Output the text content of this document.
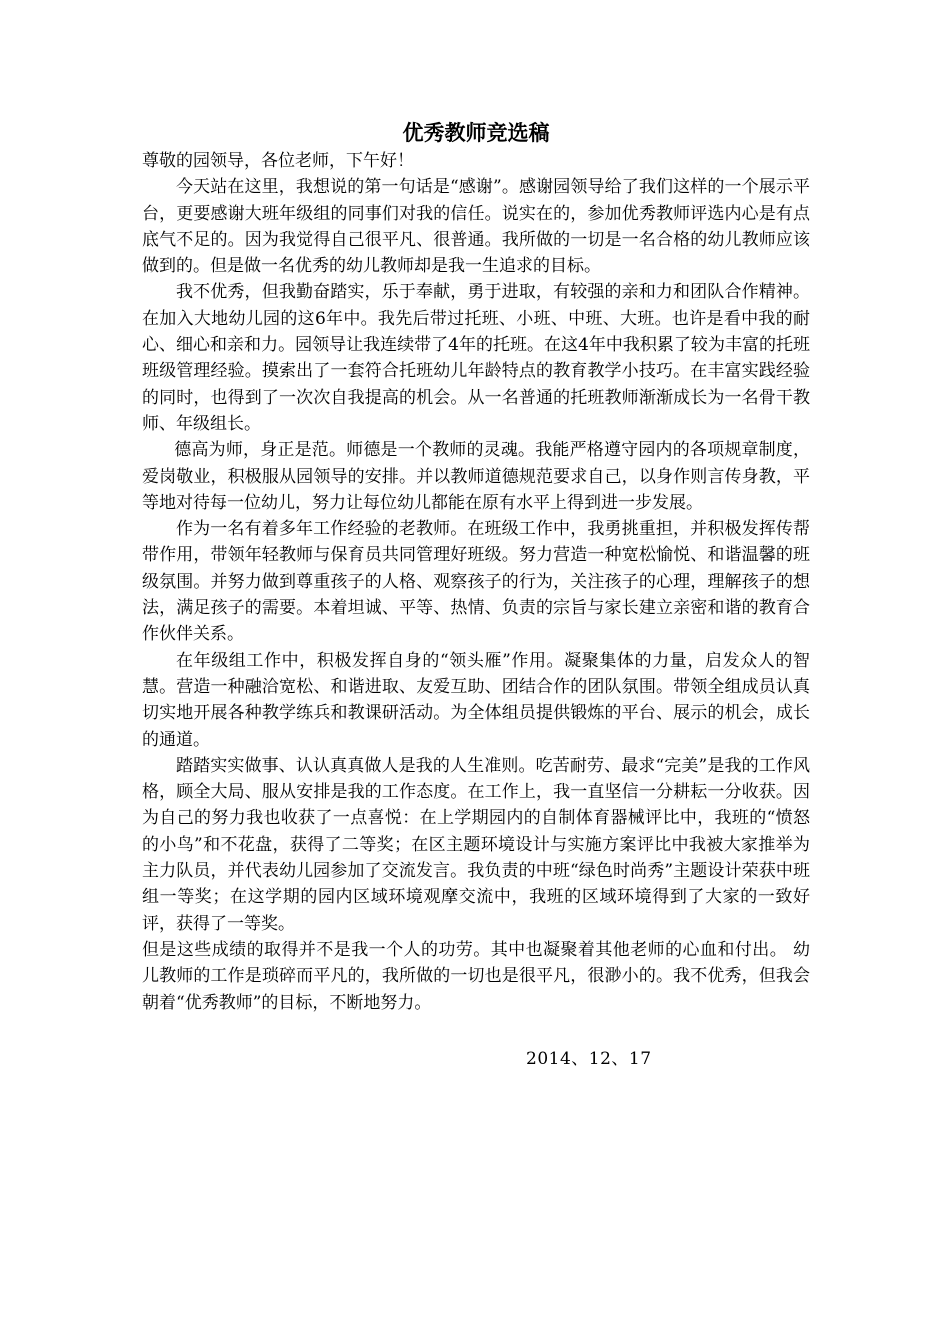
优秀教师竞选稿

尊敬的园领导，各位老师，下午好！

今天站在这里，我想说的第一句话是“感谢”。感谢园领导给了我们这样的一个展示平台，更要感谢大班年级组的同事们对我的信任。说实在的，参加优秀教师评选内心是有点底气不足的。因为我觉得自己很平凡、很普通。我所做的一切是一名合格的幼儿教师应该做到的。但是做一名优秀的幼儿教师却是我一生追求的目标。

我不优秀，但我勤奋踏实，乐于奉献，勇于进取，有较强的亲和力和团队合作精神。在加入大地幼儿园的这6年中。我先后带过托班、小班、中班、大班。也许是看中我的耐心、细心和亲和力。园领导让我连续带了4年的托班。在这4年中我积累了较为丰富的托班班级管理经验。摸索出了一套符合托班幼儿年龄特点的教育教学小技巧。在丰富实践经验的同时，也得到了一次次自我提高的机会。从一名普通的托班教师渐渐成长为一名骨干教师、年级组长。

德高为师，身正是范。师德是一个教师的灵魂。我能严格遵守园内的各项规章制度，爱岗敬业，积极服从园领导的安排。并以教师道德规范要求自己，以身作则言传身教，平等地对待每一位幼儿，努力让每位幼儿都能在原有水平上得到进一步发展。

作为一名有着多年工作经验的老教师。在班级工作中，我勇挑重担，并积极发挥传帮带作用，带领年轻教师与保育员共同管理好班级。努力营造一种宽松愉悦、和谐温馨的班级氛围。并努力做到尊重孩子的人格、观察孩子的行为，关注孩子的心理，理解孩子的想法，满足孩子的需要。本着坦诚、平等、热情、负责的宗旨与家长建立亲密和谐的教育合作伙伴关系。

在年级组工作中，积极发挥自身的“领头雁”作用。凝聚集体的力量，启发众人的智慧。营造一种融洽宽松、和谐进取、友爱互助、团结合作的团队氛围。带领全组成员认真切实地开展各种教学练兵和教课研活动。为全体组员提供锻炼的平台、展示的机会，成长的通道。

踏踏实实做事、认认真真做人是我的人生准则。吃苦耐劳、最求“完美”是我的工作风格，顾全大局、服从安排是我的工作态度。在工作上，我一直坚信一分耕耘一分收获。因为自己的努力我也收获了一点喜悦：在上学期园内的自制体育器械评比中，我班的“愤怒的小鸟”和不花盘，获得了二等奖；在区主题环境设计与实施方案评比中我被大家推举为主力队员，并代表幼儿园参加了交流发言。我负责的中班“绿色时尚秀”主题设计荣获中班组一等奖；在这学期的园内区域环境观摩交流中，我班的区域环境得到了大家的一致好评，获得了一等奖。

但是这些成绩的取得并不是我一个人的功劳。其中也凝聚着其他老师的心血和付出。 幼儿教师的工作是琐碎而平凡的，我所做的一切也是很平凡，很渺小的。我不优秀，但我会朝着“优秀教师”的目标，不断地努力。

2014、12、17
